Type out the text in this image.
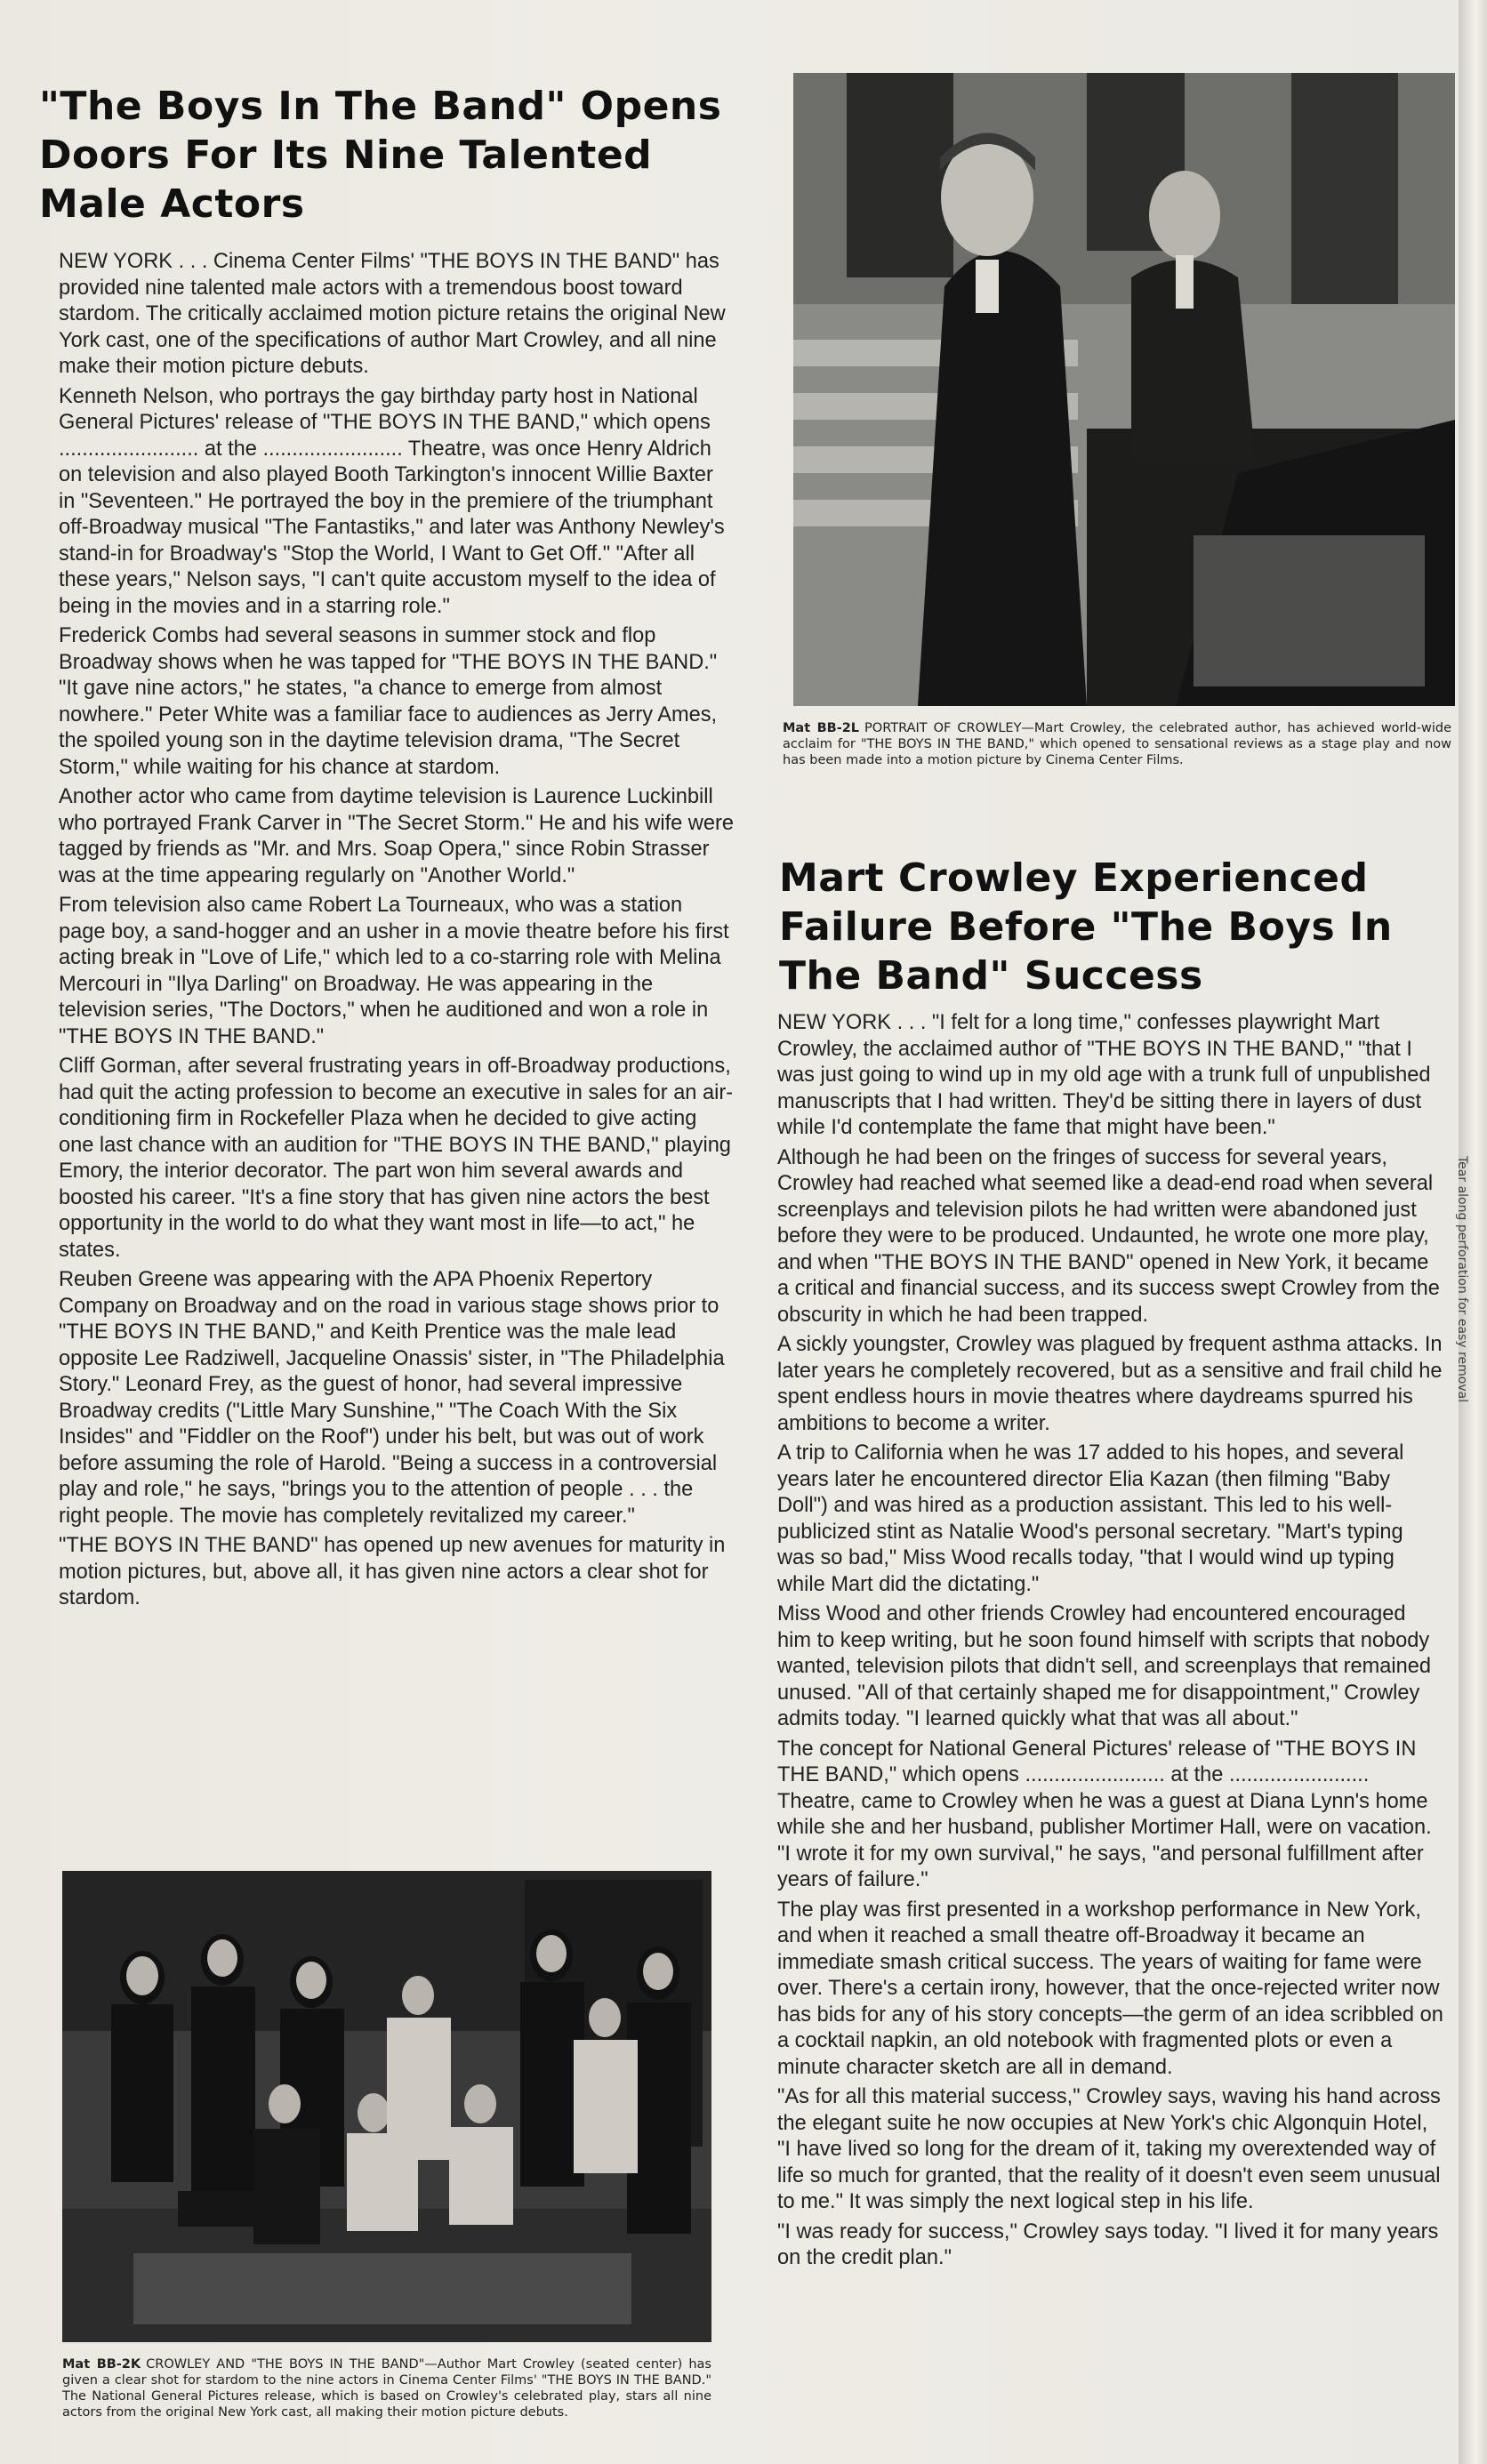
"The Boys In The Band" Opens Doors For Its Nine Talented Male Actors

NEW YORK . . . Cinema Center Films' "THE BOYS IN THE BAND" has provided nine talented male actors with a tremendous boost toward stardom. The critically acclaimed motion picture retains the original New York cast, one of the specifications of author Mart Crowley, and all nine make their motion picture debuts.

Kenneth Nelson, who portrays the gay birthday party host in National General Pictures' release of "THE BOYS IN THE BAND," which opens ........................ at the ........................ Theatre, was once Henry Aldrich on television and also played Booth Tarkington's innocent Willie Baxter in "Seventeen." He portrayed the boy in the premiere of the triumphant off-Broadway musical "The Fantastiks," and later was Anthony Newley's stand-in for Broadway's "Stop the World, I Want to Get Off." "After all these years," Nelson says, "I can't quite accustom myself to the idea of being in the movies and in a starring role."

Frederick Combs had several seasons in summer stock and flop Broadway shows when he was tapped for "THE BOYS IN THE BAND." "It gave nine actors," he states, "a chance to emerge from almost nowhere." Peter White was a familiar face to audiences as Jerry Ames, the spoiled young son in the daytime television drama, "The Secret Storm," while waiting for his chance at stardom.

Another actor who came from daytime television is Laurence Luckinbill who portrayed Frank Carver in "The Secret Storm." He and his wife were tagged by friends as "Mr. and Mrs. Soap Opera," since Robin Strasser was at the time appearing regularly on "Another World."

From television also came Robert La Tourneaux, who was a station page boy, a sand-hogger and an usher in a movie theatre before his first acting break in "Love of Life," which led to a co-starring role with Melina Mercouri in "Ilya Darling" on Broadway. He was appearing in the television series, "The Doctors," when he auditioned and won a role in "THE BOYS IN THE BAND."

Cliff Gorman, after several frustrating years in off-Broadway productions, had quit the acting profession to become an executive in sales for an air-conditioning firm in Rockefeller Plaza when he decided to give acting one last chance with an audition for "THE BOYS IN THE BAND," playing Emory, the interior decorator. The part won him several awards and boosted his career. "It's a fine story that has given nine actors the best opportunity in the world to do what they want most in life—to act," he states.

Reuben Greene was appearing with the APA Phoenix Repertory Company on Broadway and on the road in various stage shows prior to "THE BOYS IN THE BAND," and Keith Prentice was the male lead opposite Lee Radziwell, Jacqueline Onassis' sister, in "The Philadelphia Story." Leonard Frey, as the guest of honor, had several impressive Broadway credits ("Little Mary Sunshine," "The Coach With the Six Insides" and "Fiddler on the Roof") under his belt, but was out of work before assuming the role of Harold. "Being a success in a controversial play and role," he says, "brings you to the attention of people . . . the right people. The movie has completely revitalized my career."

"THE BOYS IN THE BAND" has opened up new avenues for maturity in motion pictures, but, above all, it has given nine actors a clear shot for stardom.

Mat BB-2K CROWLEY AND "THE BOYS IN THE BAND"—Author Mart Crowley (seated center) has given a clear shot for stardom to the nine actors in Cinema Center Films' "THE BOYS IN THE BAND." The National General Pictures release, which is based on Crowley's celebrated play, stars all nine actors from the original New York cast, all making their motion picture debuts.

Mat BB-2L PORTRAIT OF CROWLEY—Mart Crowley, the celebrated author, has achieved world-wide acclaim for "THE BOYS IN THE BAND," which opened to sensational reviews as a stage play and now has been made into a motion picture by Cinema Center Films.

Mart Crowley Experienced Failure Before "The Boys In The Band" Success

NEW YORK . . . "I felt for a long time," confesses playwright Mart Crowley, the acclaimed author of "THE BOYS IN THE BAND," "that I was just going to wind up in my old age with a trunk full of unpublished manuscripts that I had written. They'd be sitting there in layers of dust while I'd contemplate the fame that might have been."

Although he had been on the fringes of success for several years, Crowley had reached what seemed like a dead-end road when several screenplays and television pilots he had written were abandoned just before they were to be produced. Undaunted, he wrote one more play, and when "THE BOYS IN THE BAND" opened in New York, it became a critical and financial success, and its success swept Crowley from the obscurity in which he had been trapped.

A sickly youngster, Crowley was plagued by frequent asthma attacks. In later years he completely recovered, but as a sensitive and frail child he spent endless hours in movie theatres where daydreams spurred his ambitions to become a writer.

A trip to California when he was 17 added to his hopes, and several years later he encountered director Elia Kazan (then filming "Baby Doll") and was hired as a production assistant. This led to his well-publicized stint as Natalie Wood's personal secretary. "Mart's typing was so bad," Miss Wood recalls today, "that I would wind up typing while Mart did the dictating."

Miss Wood and other friends Crowley had encountered encouraged him to keep writing, but he soon found himself with scripts that nobody wanted, television pilots that didn't sell, and screenplays that remained unused. "All of that certainly shaped me for disappointment," Crowley admits today. "I learned quickly what that was all about."

The concept for National General Pictures' release of "THE BOYS IN THE BAND," which opens ........................ at the ........................ Theatre, came to Crowley when he was a guest at Diana Lynn's home while she and her husband, publisher Mortimer Hall, were on vacation. "I wrote it for my own survival," he says, "and personal fulfillment after years of failure."

The play was first presented in a workshop performance in New York, and when it reached a small theatre off-Broadway it became an immediate smash critical success. The years of waiting for fame were over. There's a certain irony, however, that the once-rejected writer now has bids for any of his story concepts—the germ of an idea scribbled on a cocktail napkin, an old notebook with fragmented plots or even a minute character sketch are all in demand.

"As for all this material success," Crowley says, waving his hand across the elegant suite he now occupies at New York's chic Algonquin Hotel, "I have lived so long for the dream of it, taking my overextended way of life so much for granted, that the reality of it doesn't even seem unusual to me." It was simply the next logical step in his life.

"I was ready for success," Crowley says today. "I lived it for many years on the credit plan."

Tear along perforation for easy removal
